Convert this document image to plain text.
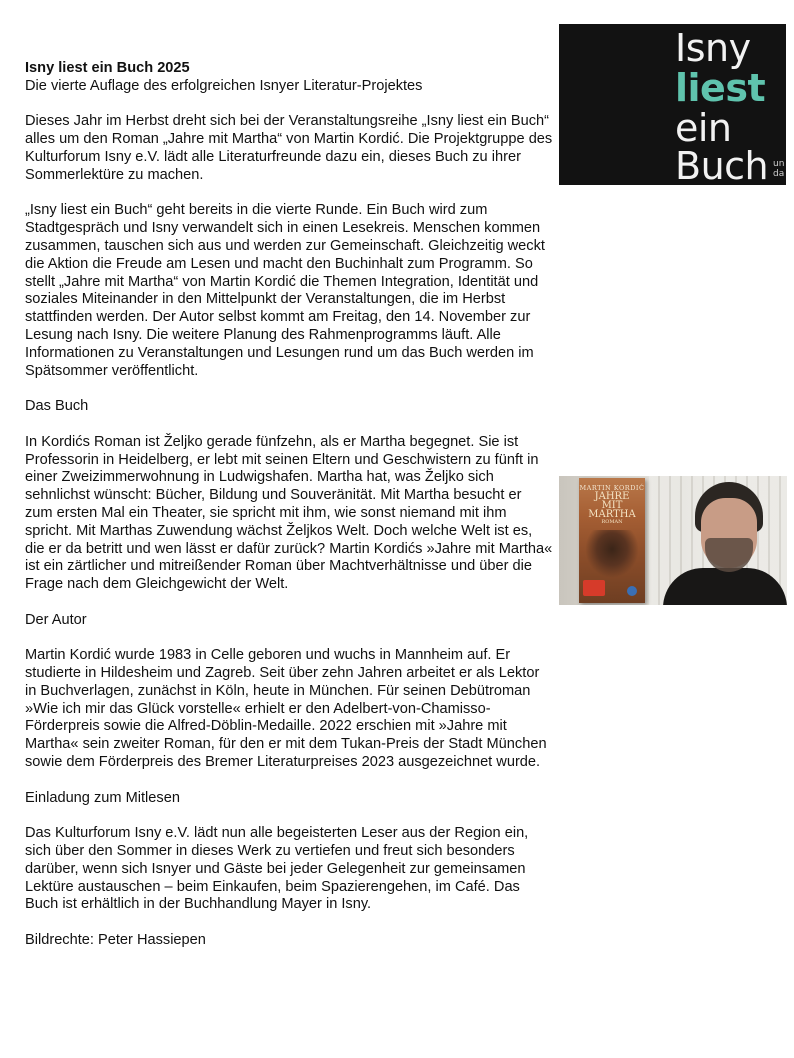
Isny liest ein Buch 2025
Die vierte Auflage des erfolgreichen Isnyer Literatur-Projektes

Dieses Jahr im Herbst dreht sich bei der Veranstaltungsreihe „Isny liest ein Buch“ alles um den Roman „Jahre mit Martha“ von Martin Kordić. Die Projektgruppe des Kulturforum Isny e.V. lädt alle Literaturfreunde dazu ein, dieses Buch zu ihrer Sommerlektüre zu machen.

„Isny liest ein Buch“ geht bereits in die vierte Runde. Ein Buch wird zum Stadtgespräch und Isny verwandelt sich in einen Lesekreis. Menschen kommen zusammen, tauschen sich aus und werden zur Gemeinschaft. Gleichzeitig weckt die Aktion die Freude am Lesen und macht den Buchinhalt zum Programm. So stellt „Jahre mit Martha“ von Martin Kordić die Themen Integration, Identität und soziales Miteinander in den Mittelpunkt der Veranstaltungen, die im Herbst stattfinden werden. Der Autor selbst kommt am Freitag, den 14. November zur Lesung nach Isny. Die weitere Planung des Rahmenprogramms läuft. Alle Informationen zu Veranstaltungen und Lesungen rund um das Buch werden im Spätsommer veröffentlicht.

Das Buch

In Kordićs Roman ist Željko gerade fünfzehn, als er Martha begegnet. Sie ist Professorin in Heidelberg, er lebt mit seinen Eltern und Geschwistern zu fünft in einer Zweizimmerwohnung in Ludwigshafen. Martha hat, was Željko sich sehnlichst wünscht: Bücher, Bildung und Souveränität. Mit Martha besucht er zum ersten Mal ein Theater, sie spricht mit ihm, wie sonst niemand mit ihm spricht. Mit Marthas Zuwendung wächst Željkos Welt. Doch welche Welt ist es, die er da betritt und wen lässt er dafür zurück? Martin Kordićs »Jahre mit Martha« ist ein zärtlicher und mitreißender Roman über Machtverhältnisse und über die Frage nach dem Gleichgewicht der Welt.

Der Autor

Martin Kordić wurde 1983 in Celle geboren und wuchs in Mannheim auf. Er studierte in Hildesheim und Zagreb. Seit über zehn Jahren arbeitet er als Lektor in Buchverlagen, zunächst in Köln, heute in München. Für seinen Debütroman »Wie ich mir das Glück vorstelle« erhielt er den Adelbert-von-Chamisso-Förderpreis sowie die Alfred-Döblin-Medaille. 2022 erschien mit »Jahre mit Martha« sein zweiter Roman, für den er mit dem Tukan-Preis der Stadt München sowie dem Förderpreis des Bremer Literaturpreises 2023 ausgezeichnet wurde.

Einladung zum Mitlesen

Das Kulturforum Isny e.V. lädt nun alle begeisterten Leser aus der Region ein, sich über den Sommer in dieses Werk zu vertiefen und freut sich besonders darüber, wenn sich Isnyer und Gäste bei jeder Gelegenheit zur gemeinsamen Lektüre austauschen – beim Einkaufen, beim Spazierengehen, im Café. Das Buch ist erhältlich in der Buchhandlung Mayer in Isny.

Bildrechte: Peter Hassiepen

Isny
liest
ein
Buch un
da
MARTIN KORDIĆ
JAHRE
MIT
MARTHA
ROMAN
